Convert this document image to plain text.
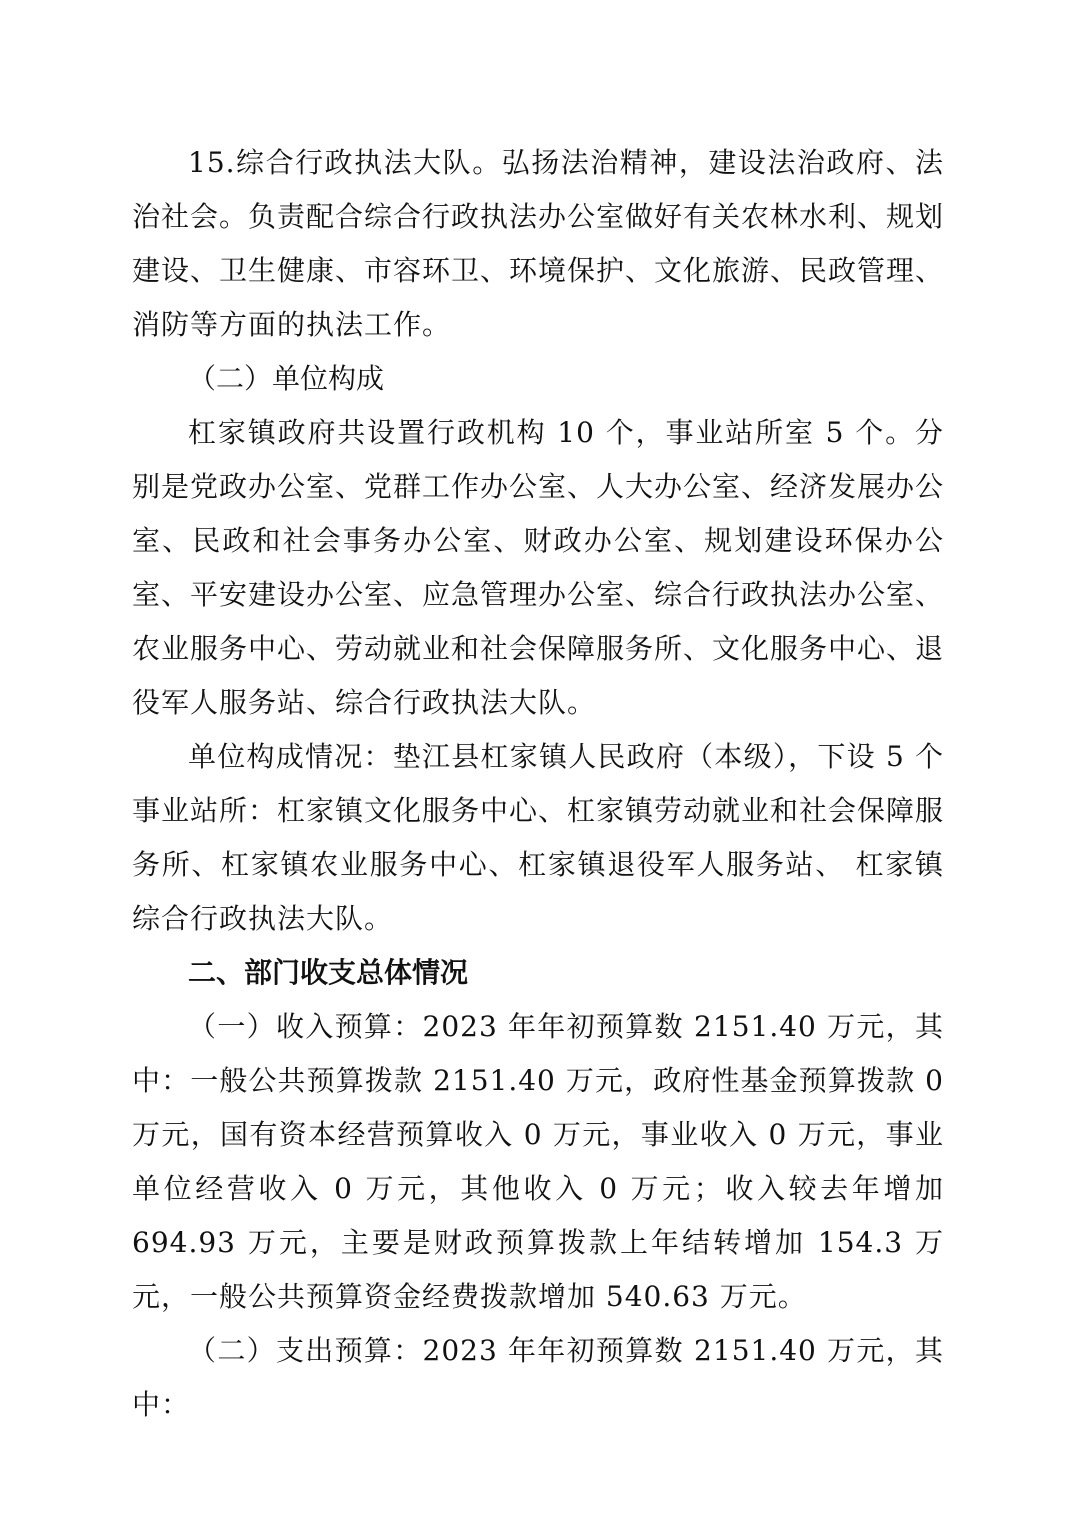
15.综合行政执法大队。弘扬法治精神，建设法治政府、法治社会。负责配合综合行政执法办公室做好有关农林水利、规划建设、卫生健康、市容环卫、环境保护、文化旅游、民政管理、消防等方面的执法工作。

（二）单位构成

杠家镇政府共设置行政机构 10 个，事业站所室 5 个。分别是党政办公室、党群工作办公室、人大办公室、经济发展办公室、民政和社会事务办公室、财政办公室、规划建设环保办公室、平安建设办公室、应急管理办公室、综合行政执法办公室、农业服务中心、劳动就业和社会保障服务所、文化服务中心、退役军人服务站、综合行政执法大队。

单位构成情况：垫江县杠家镇人民政府（本级），下设 5 个事业站所：杠家镇文化服务中心、杠家镇劳动就业和社会保障服务所、杠家镇农业服务中心、杠家镇退役军人服务站、 杠家镇综合行政执法大队。

二、部门收支总体情况

（一）收入预算：2023 年年初预算数 2151.40 万元，其中：一般公共预算拨款 2151.40 万元，政府性基金预算拨款 0 万元，国有资本经营预算收入 0 万元，事业收入 0 万元，事业单位经营收入 0 万元，其他收入 0 万元；收入较去年增加 694.93 万元，主要是财政预算拨款上年结转增加 154.3 万元，一般公共预算资金经费拨款增加 540.63 万元。

（二）支出预算：2023 年年初预算数 2151.40 万元，其中：
